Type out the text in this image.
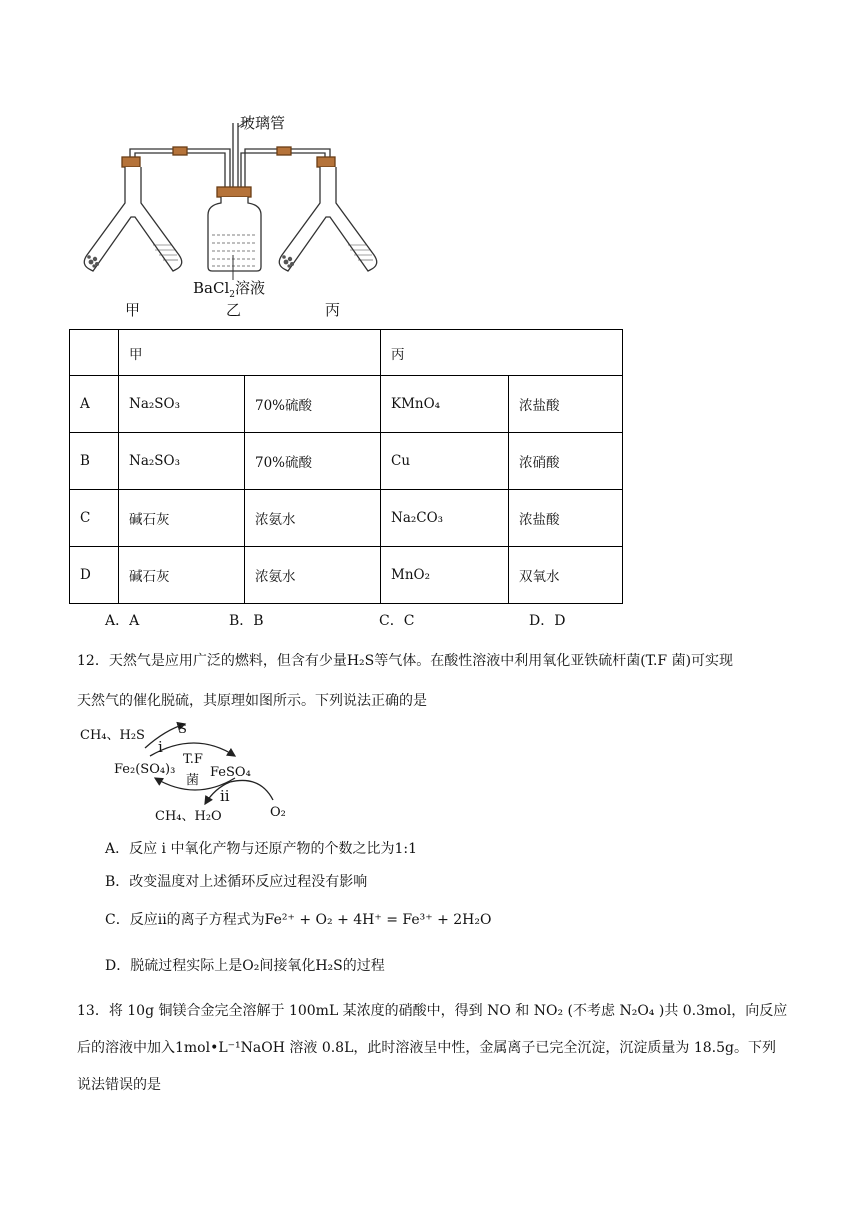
玻璃管
BaCl$_2$溶液
甲	乙	丙
	甲		丙	
A	Na₂SO₃	70%硫酸	KMnO₄	浓盐酸
B	Na₂SO₃	70%硫酸	Cu	浓硝酸
C	碱石灰	浓氨水	Na₂CO₃	浓盐酸
D	碱石灰	浓氨水	MnO₂	双氧水
A．A	B．B	C．C	D．D
12．天然气是应用广泛的燃料，但含有少量H₂S等气体。在酸性溶液中利用氧化亚铁硫杆菌(T.F 菌)可实现
天然气的催化脱硫，其原理如图所示。下列说法正确的是
CH₄、H₂S
i
S
Fe₂(SO₄)₃
T.F
菌
FeSO₄
ii
CH₄、H₂O	O₂
A．反应 i 中氧化产物与还原产物的个数之比为1:1
B．改变温度对上述循环反应过程没有影响
C．反应ii的离子方程式为Fe²⁺ + O₂ + 4H⁺ = Fe³⁺ + 2H₂O
D．脱硫过程实际上是O₂间接氧化H₂S的过程
13．将 10g 铜镁合金完全溶解于 100mL 某浓度的硝酸中，得到 NO 和 NO₂ (不考虑 N₂O₄ )共 0.3mol，向反应
后的溶液中加入1mol•L⁻¹NaOH 溶液 0.8L，此时溶液呈中性，金属离子已完全沉淀，沉淀质量为 18.5g。下列
说法错误的是
